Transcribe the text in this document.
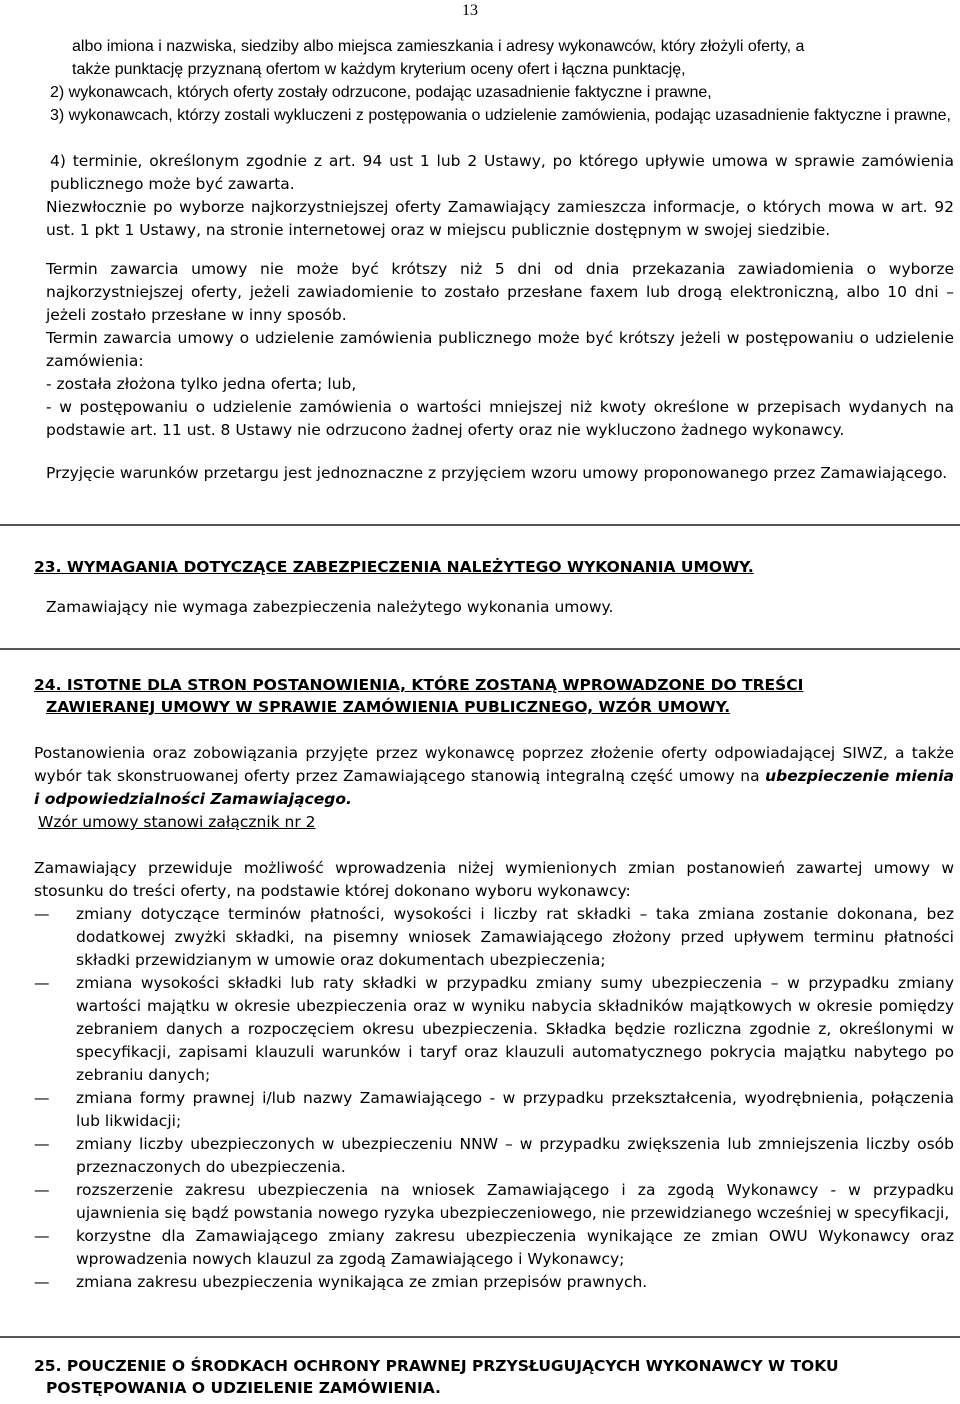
13

albo imiona i nazwiska, siedziby albo miejsca zamieszkania i adresy wykonawców, który złożyli oferty, a
także punktację przyznaną ofertom w każdym kryterium oceny ofert i łączna punktację,

2) wykonawcach, których oferty zostały odrzucone, podając uzasadnienie faktyczne i prawne,

3) wykonawcach, którzy zostali wykluczeni z postępowania o udzielenie zamówienia, podając uzasadnienie faktyczne i prawne,

4) terminie, określonym zgodnie z art. 94 ust 1 lub 2 Ustawy, po którego upływie umowa w sprawie zamówienia publicznego może być zawarta.

Niezwłocznie po wyborze najkorzystniejszej oferty Zamawiający zamieszcza informacje, o których mowa w art. 92 ust. 1 pkt 1 Ustawy, na stronie internetowej oraz w miejscu publicznie dostępnym w swojej siedzibie.

Termin zawarcia umowy nie może być krótszy niż 5 dni od dnia przekazania zawiadomienia o wyborze najkorzystniejszej oferty, jeżeli zawiadomienie to zostało przesłane faxem lub drogą elektroniczną, albo 10 dni – jeżeli zostało przesłane w inny sposób.

Termin zawarcia umowy o udzielenie zamówienia publicznego może być krótszy jeżeli w postępowaniu o udzielenie zamówienia:

- została złożona tylko jedna oferta; lub,

- w postępowaniu o udzielenie zamówienia o wartości mniejszej niż kwoty określone w przepisach wydanych na podstawie art. 11 ust. 8 Ustawy nie odrzucono żadnej oferty oraz nie wykluczono żadnego wykonawcy.

Przyjęcie warunków przetargu jest jednoznaczne z przyjęciem wzoru umowy proponowanego przez Zamawiającego.

23. WYMAGANIA DOTYCZĄCE ZABEZPIECZENIA NALEŻYTEGO WYKONANIA UMOWY.

Zamawiający nie wymaga zabezpieczenia należytego wykonania umowy.

24. ISTOTNE DLA STRON POSTANOWIENIA, KTÓRE ZOSTANĄ WPROWADZONE DO TREŚCI

ZAWIERANEJ UMOWY W SPRAWIE ZAMÓWIENIA PUBLICZNEGO, WZÓR UMOWY.

Postanowienia oraz zobowiązania przyjęte przez wykonawcę poprzez złożenie oferty odpowiadającej SIWZ, a także wybór tak skonstruowanej oferty przez Zamawiającego stanowią integralną część umowy na ubezpieczenie mienia i odpowiedzialności Zamawiającego.

Wzór umowy stanowi załącznik nr 2

Zamawiający przewiduje możliwość wprowadzenia niżej wymienionych zmian postanowień zawartej umowy w stosunku do treści oferty, na podstawie której dokonano wyboru wykonawcy:

—	zmiany dotyczące terminów płatności, wysokości i liczby rat składki – taka zmiana zostanie dokonana, bez dodatkowej zwyżki składki, na pisemny wniosek Zamawiającego złożony przed upływem terminu płatności składki przewidzianym w umowie oraz dokumentach ubezpieczenia;
—	zmiana wysokości składki lub raty składki w przypadku zmiany sumy ubezpieczenia – w przypadku zmiany wartości majątku w okresie ubezpieczenia oraz w wyniku nabycia składników majątkowych w okresie pomiędzy zebraniem danych a rozpoczęciem okresu ubezpieczenia. Składka będzie rozliczna zgodnie z, określonymi w specyfikacji, zapisami klauzuli warunków i taryf oraz klauzuli automatycznego pokrycia majątku nabytego po zebraniu danych;
—	zmiana formy prawnej i/lub nazwy Zamawiającego - w przypadku przekształcenia, wyodrębnienia, połączenia lub likwidacji;
—	zmiany liczby ubezpieczonych w ubezpieczeniu NNW – w przypadku zwiększenia lub zmniejszenia liczby osób przeznaczonych do ubezpieczenia.
—	rozszerzenie zakresu ubezpieczenia na wniosek Zamawiającego i za zgodą Wykonawcy - w przypadku ujawnienia się bądź powstania nowego ryzyka ubezpieczeniowego, nie przewidzianego wcześniej w specyfikacji,
—	korzystne dla Zamawiającego zmiany zakresu ubezpieczenia wynikające ze zmian OWU Wykonawcy oraz wprowadzenia nowych klauzul za zgodą Zamawiającego i Wykonawcy;
—	zmiana zakresu ubezpieczenia wynikająca ze zmian przepisów prawnych.

25. POUCZENIE O ŚRODKACH OCHRONY PRAWNEJ PRZYSŁUGUJĄCYCH WYKONAWCY W TOKU

POSTĘPOWANIA O UDZIELENIE ZAMÓWIENIA.
